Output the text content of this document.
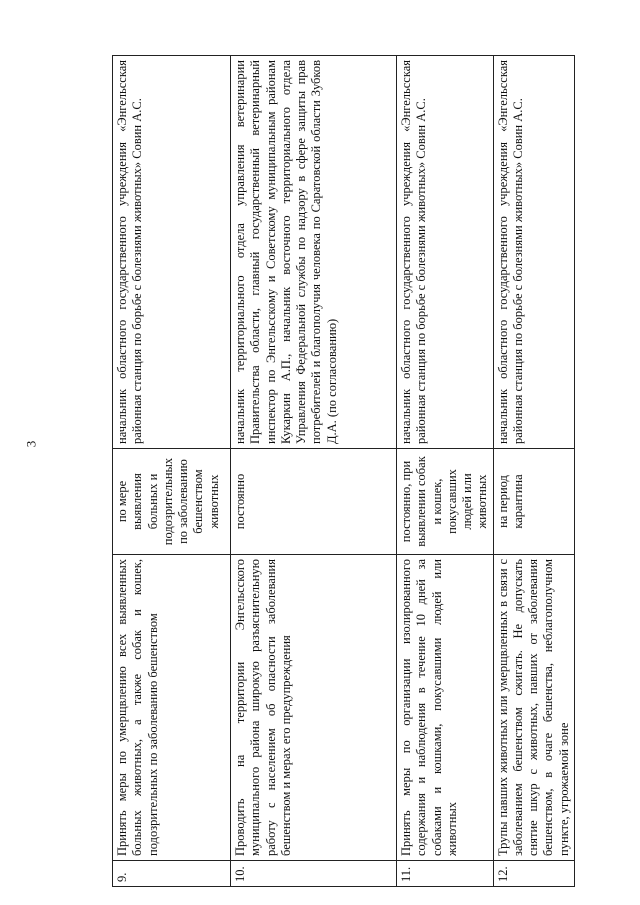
3
9.	Принять меры по умерщвлению всех выявленных больных животных, а также собак и кошек, подозрительных по заболеванию бешенством	по мере выявления больных и подозрительных по заболеванию бешенством животных	начальник областного государственного учреждения «Энгельсская районная станция по борьбе с болезнями животных» Совин А.С.
10.	Проводить на территории Энгельсского муниципального района широкую разъяснительную работу с населением об опасности заболевания бешенством и мерах его предупреждения	постоянно	начальник территориального отдела управления ветеринарии Правительства области, главный государственный ветеринарный инспектор по Энгельсскому и Советскому муниципальным районам Кукаркин А.П., начальник восточного территориального отдела Управления Федеральной службы по надзору в сфере защиты прав потребителей и благополучия человека по Саратовской области Зубков Д.А. (по согласованию)
11.	Принять меры по организации изолированного содержания и наблюдения в течение 10 дней за собаками и кошками, покусавшими людей или животных	постоянно, при выявлении собак и кошек, покусавших людей или животных	начальник областного государственного учреждения «Энгельсская районная станция по борьбе с болезнями животных» Совин А.С.
12.	Трупы павших животных или умерщвленных в связи с заболеванием бешенством сжигать. Не допускать снятие шкур с животных, павших от заболевания бешенством, в очаге бешенства, неблагополучном пункте, угрожаемой зоне	на период карантина	начальник областного государственного учреждения «Энгельсская районная станция по борьбе с болезнями животных» Совин А.С.
